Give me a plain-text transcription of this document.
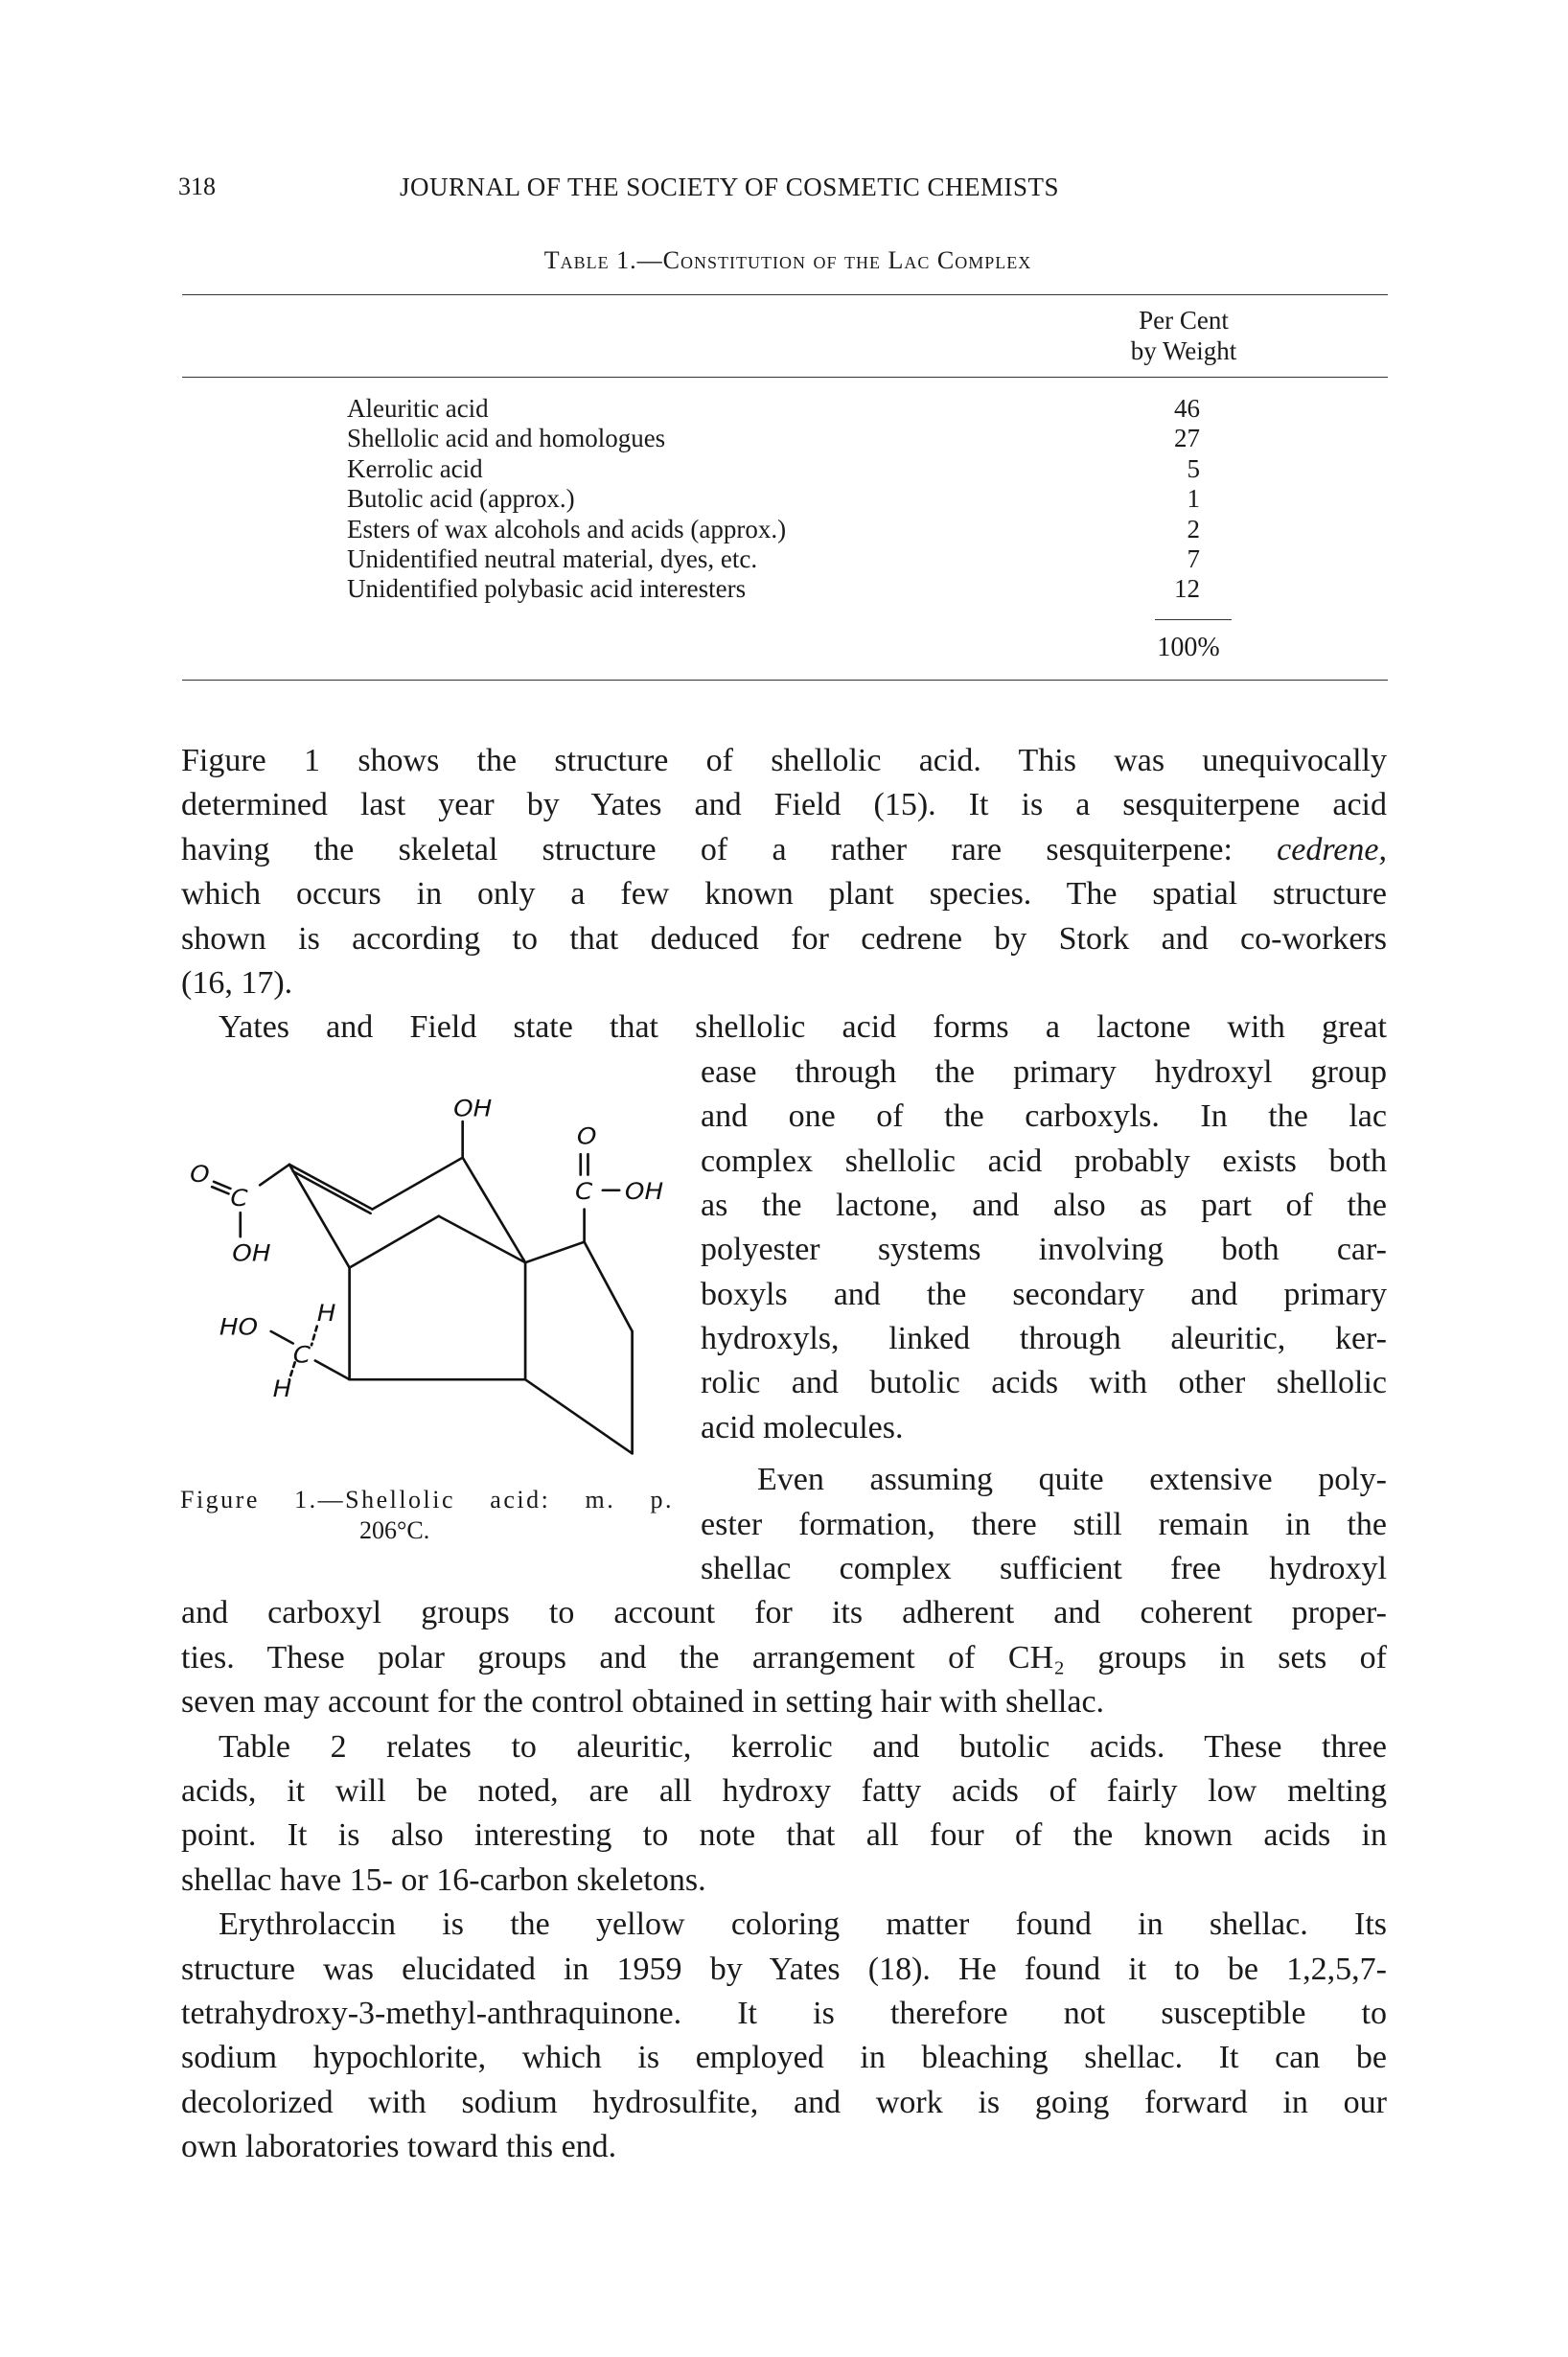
318	JOURNAL OF THE SOCIETY OF COSMETIC CHEMISTS
Table 1.—Constitution of the Lac Complex
Per Cent
by Weight
Aleuritic acid	46
Shellolic acid and homologues	27
Kerrolic acid	5
Butolic acid (approx.)	1
Esters of wax alcohols and acids (approx.)	2
Unidentified neutral material, dyes, etc.	7
Unidentified polybasic acid interesters	12
100%
OH
O
C OH
O
C
OH
HO
H
C
H
Figure 1.—Shellolic acid: m. p.
206°C.
Figure 1 shows the structure of shellolic acid. This was unequivocally
determined last year by Yates and Field (15). It is a sesquiterpene acid
having the skeletal structure of a rather rare sesquiterpene: cedrene,
which occurs in only a few known plant species. The spatial structure
shown is according to that deduced for cedrene by Stork and co-workers
(16, 17).
Yates and Field state that shellolic acid forms a lactone with great
ease through the primary hydroxyl group
and one of the carboxyls. In the lac
complex shellolic acid probably exists both
as the lactone, and also as part of the
polyester systems involving both car-
boxyls and the secondary and primary
hydroxyls, linked through aleuritic, ker-
rolic and butolic acids with other shellolic
acid molecules.
Even assuming quite extensive poly-
ester formation, there still remain in the
shellac complex sufficient free hydroxyl
and carboxyl groups to account for its adherent and coherent proper-
ties. These polar groups and the arrangement of CH₂ groups in sets of
seven may account for the control obtained in setting hair with shellac.
Table 2 relates to aleuritic, kerrolic and butolic acids. These three
acids, it will be noted, are all hydroxy fatty acids of fairly low melting
point. It is also interesting to note that all four of the known acids in
shellac have 15- or 16-carbon skeletons.
Erythrolaccin is the yellow coloring matter found in shellac. Its
structure was elucidated in 1959 by Yates (18). He found it to be 1,2,5,7-
tetrahydroxy-3-methyl-anthraquinone. It is therefore not susceptible to
sodium hypochlorite, which is employed in bleaching shellac. It can be
decolorized with sodium hydrosulfite, and work is going forward in our
own laboratories toward this end.
